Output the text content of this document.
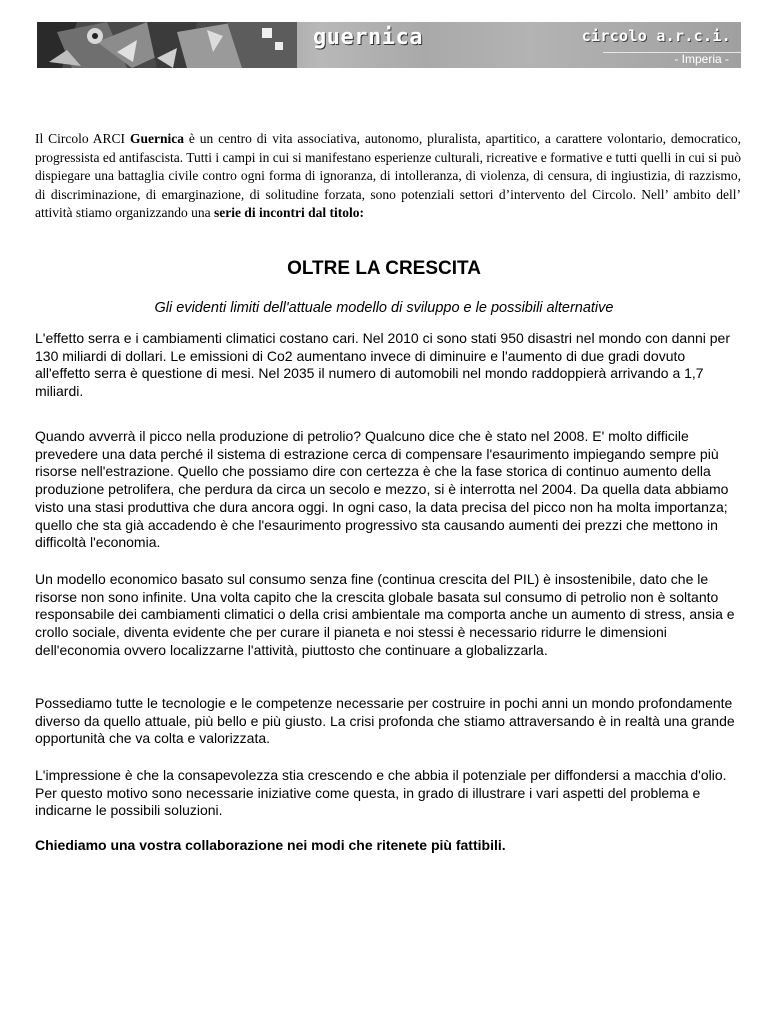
guernica	circolo a.r.c.i.
- Imperia -

Il Circolo ARCI Guernica è un centro di vita associativa, autonomo, pluralista, apartitico, a carattere volontario, democratico, progressista ed antifascista. Tutti i campi in cui si manifestano esperienze culturali, ricreative e formative e tutti quelli in cui si può dispiegare una battaglia civile contro ogni forma di ignoranza, di intolleranza, di violenza, di censura, di ingiustizia, di razzismo, di discriminazione, di emarginazione, di solitudine forzata, sono potenziali settori d’intervento del Circolo. Nell’ ambito dell’ attività stiamo organizzando una serie di incontri dal titolo:

OLTRE LA CRESCITA

Gli evidenti limiti dell'attuale modello di sviluppo e le possibili alternative

L'effetto serra e i cambiamenti climatici costano cari. Nel 2010 ci sono stati 950 disastri nel mondo con danni per 130 miliardi di dollari. Le emissioni di Co2 aumentano invece di diminuire e l'aumento di due gradi dovuto all'effetto serra è questione di mesi. Nel 2035 il numero di automobili nel mondo raddoppierà arrivando a 1,7 miliardi.

Quando avverrà il picco nella produzione di petrolio? Qualcuno dice che è stato nel 2008. E' molto difficile prevedere una data perché il sistema di estrazione cerca di compensare l'esaurimento impiegando sempre più risorse nell'estrazione. Quello che possiamo dire con certezza è che la fase storica di continuo aumento della produzione petrolifera, che perdura da circa un secolo e mezzo, si è interrotta nel 2004. Da quella data abbiamo visto una stasi produttiva che dura ancora oggi. In ogni caso, la data precisa del picco non ha molta importanza; quello che sta già accadendo è che l'esaurimento progressivo sta causando aumenti dei prezzi che mettono in difficoltà l'economia.

Un modello economico basato sul consumo senza fine (continua crescita del PIL) è insostenibile, dato che le risorse non sono infinite. Una volta capito che la crescita globale basata sul consumo di petrolio non è soltanto responsabile dei cambiamenti climatici o della crisi ambientale ma comporta anche un aumento di stress, ansia e crollo sociale, diventa evidente che per curare il pianeta e noi stessi è necessario ridurre le dimensioni dell'economia ovvero localizzarne l'attività, piuttosto che continuare a globalizzarla.

Possediamo tutte le tecnologie e le competenze necessarie per costruire in pochi anni un mondo profondamente diverso da quello attuale, più bello e più giusto. La crisi profonda che stiamo attraversando è in realtà una grande opportunità che va colta e valorizzata.

L'impressione è che la consapevolezza stia crescendo e che abbia il potenziale per diffondersi a macchia d'olio. Per questo motivo sono necessarie iniziative come questa, in grado di illustrare i vari aspetti del problema e indicarne le possibili soluzioni.

Chiediamo una vostra collaborazione nei modi che ritenete più fattibili.
